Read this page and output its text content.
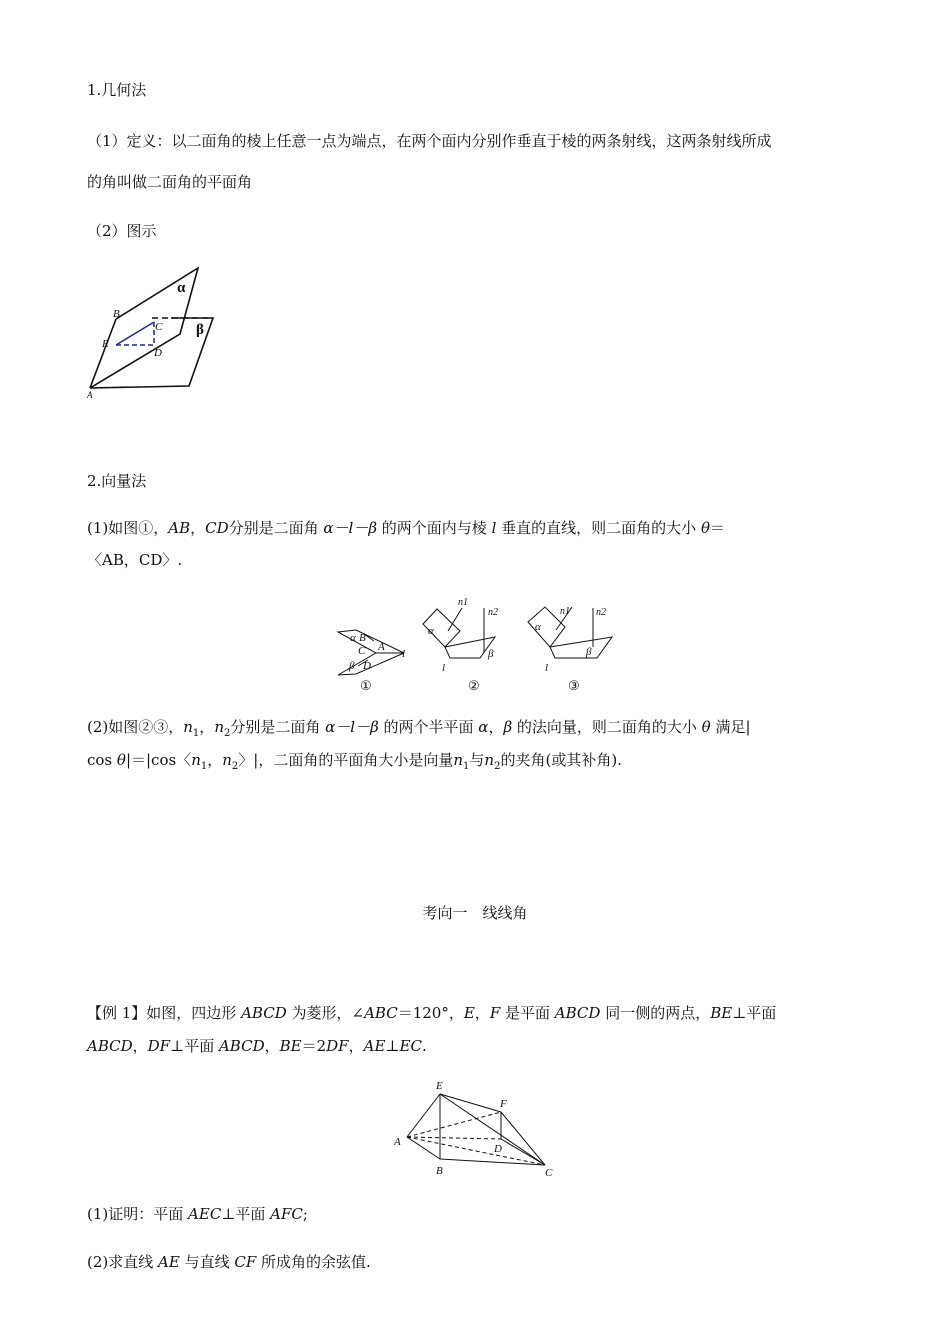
1.几何法
（1）定义：以二面角的棱上任意一点为端点，在两个面内分别作垂直于棱的两条射线，这两条射线所成
的角叫做二面角的平面角
（2）图示
α
β
B
C
E
D
A
2.向量法
(1)如图①，AB，CD分别是二面角 α－l－β 的两个面内与棱 l 垂直的直线，则二面角的大小 θ＝
〈AB，CD〉.
α B
C A
β D
l
α
n1
n2
β
l
α
n1	n2
β
l
①	②	③
(2)如图②③，$n_1$，$n_2$分别是二面角 α－l－β 的两个半平面 α，β 的法向量，则二面角的大小 θ 满足|
cos θ|＝|cos〈$n_1$，$n_2$〉|，二面角的平面角大小是向量$n_1$与$n_2$的夹角(或其补角).
考向一　线线角
【例 1】如图，四边形 ABCD 为菱形，∠ABC＝120°，E，F 是平面 ABCD 同一侧的两点，BE⊥平面
ABCD，DF⊥平面 ABCD，BE＝2DF，AE⊥EC.
A
B	C
D
E
F
(1)证明：平面 AEC⊥平面 AFC;
(2)求直线 AE 与直线 CF 所成角的余弦值.
